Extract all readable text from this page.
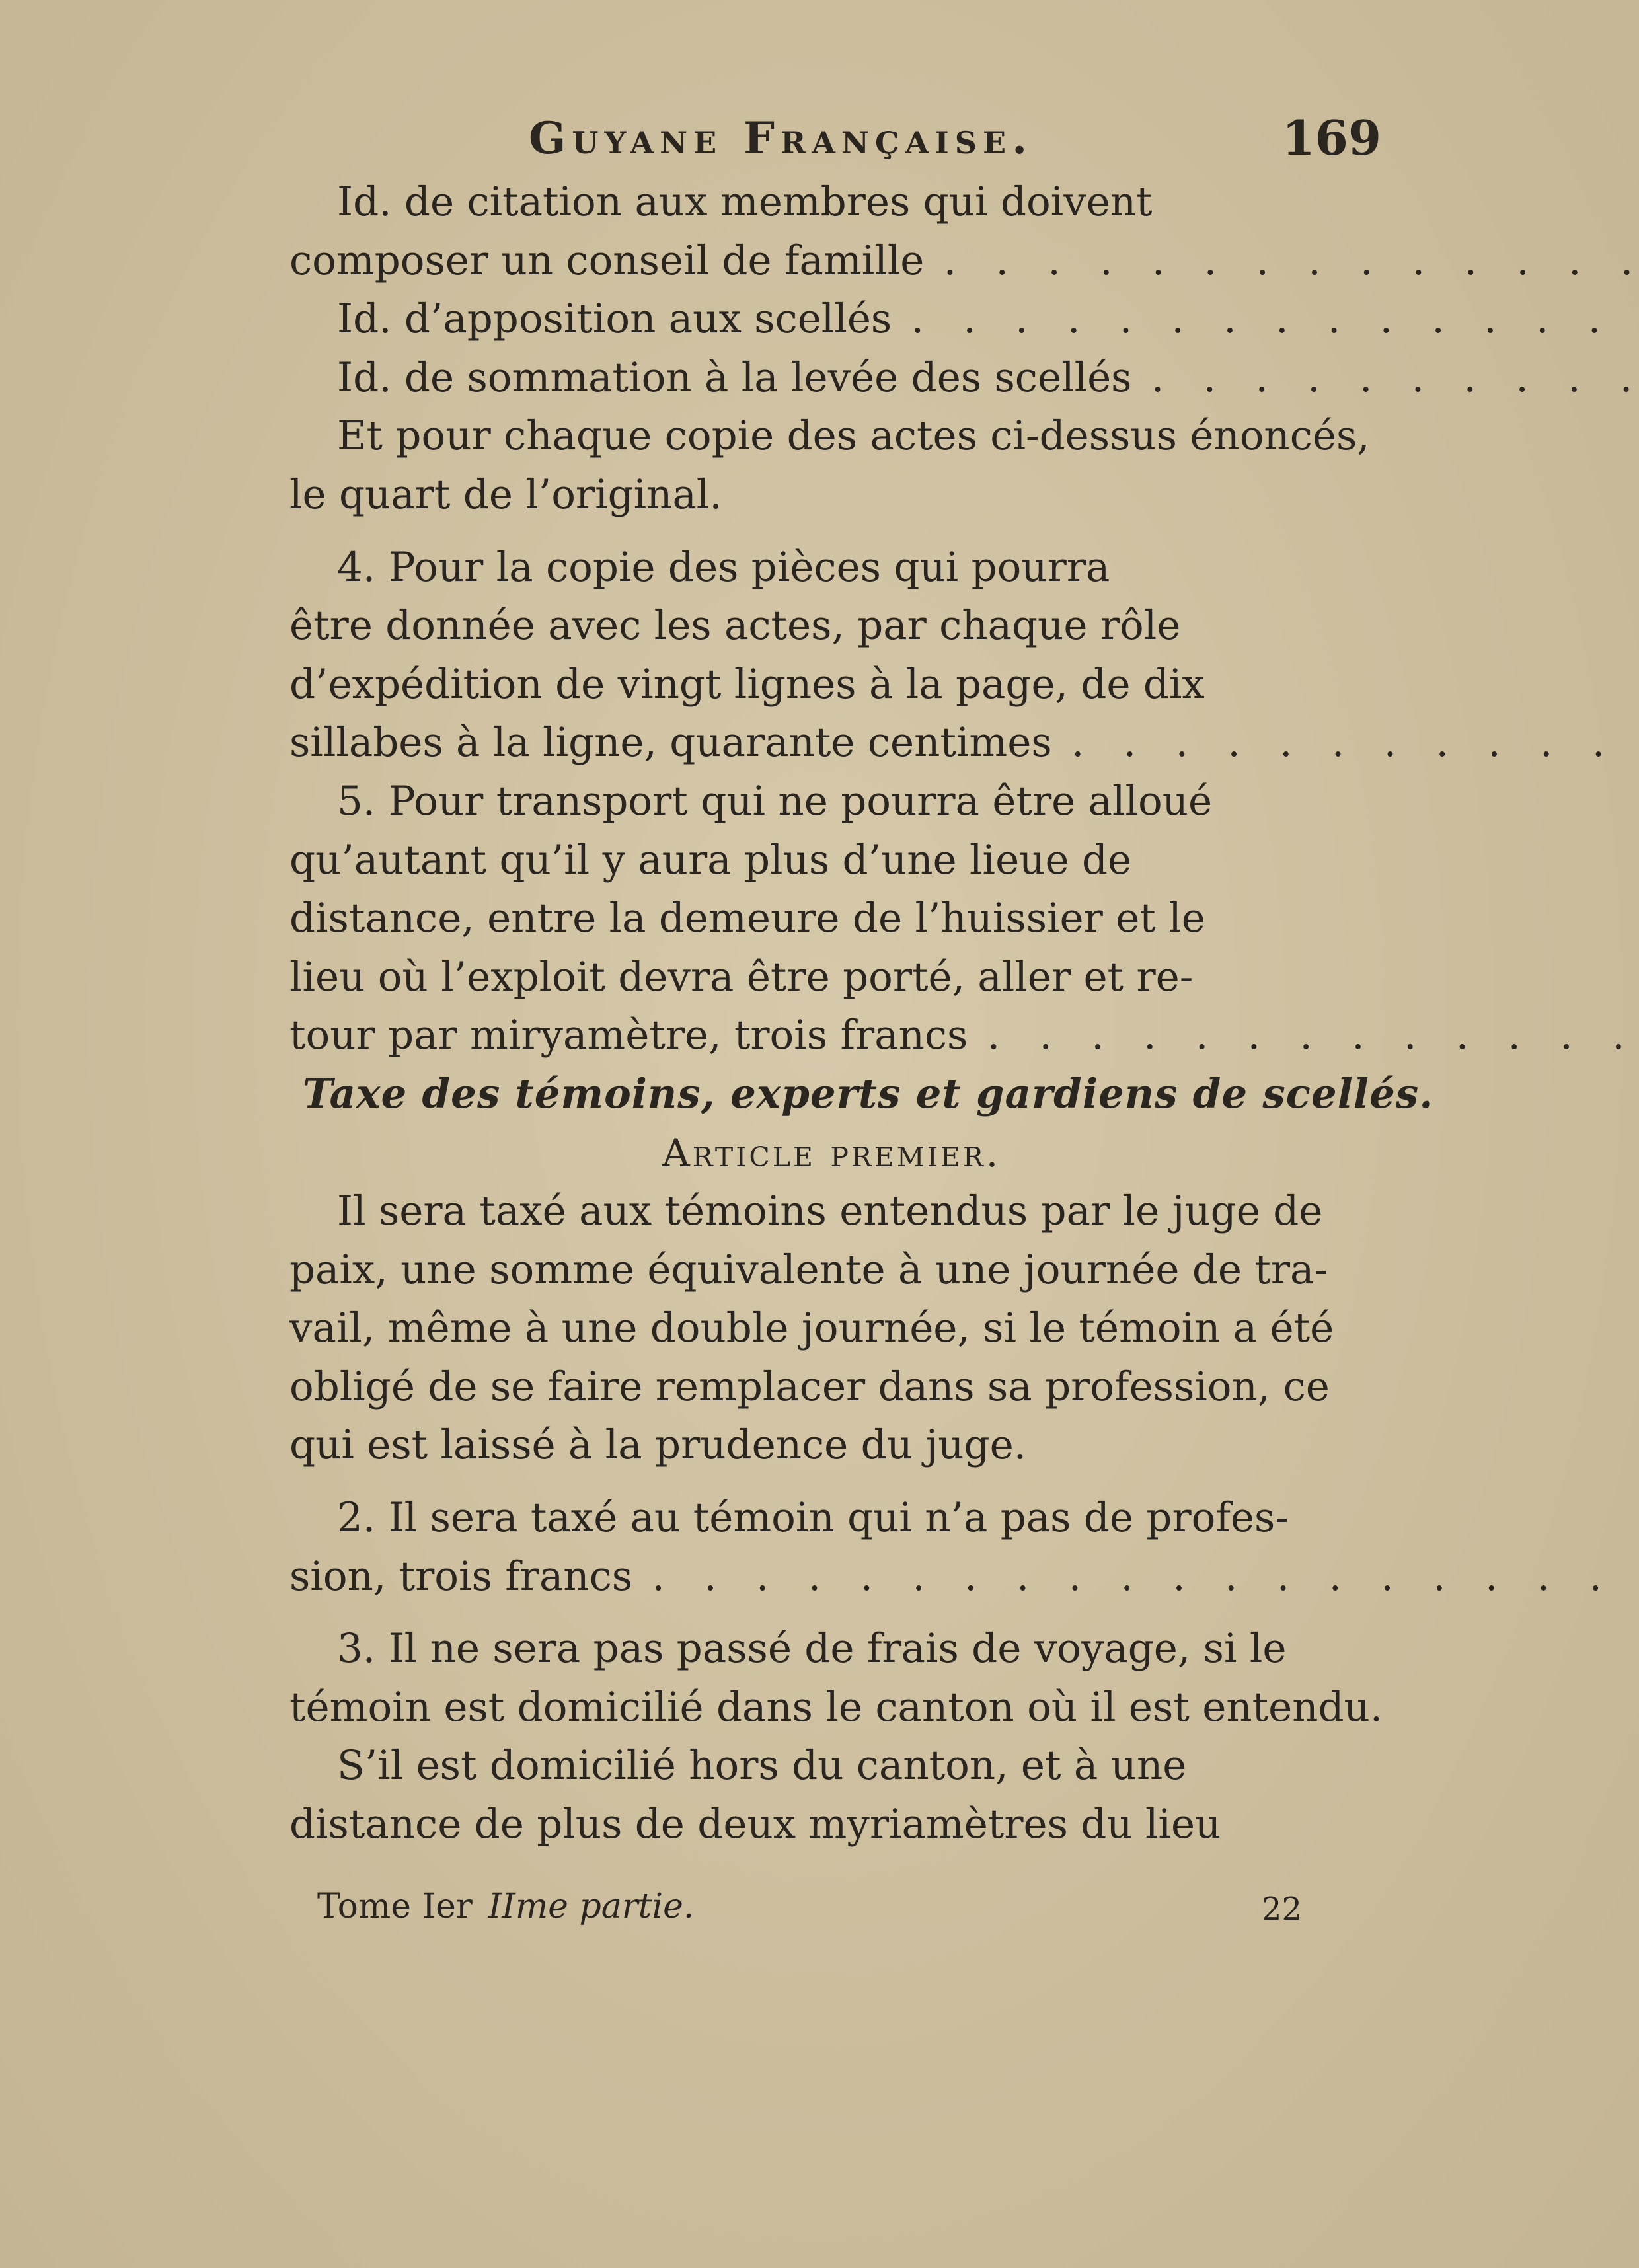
Guyane Française.	169
Id. de citation aux membres qui doivent
composer un conseil de famille . . .
Id. d’apposition aux scellés . . .
Id. de sommation à la levée des scellés . . .
Et pour chaque copie des actes ci-dessus énoncés,
le quart de l’original.
4. Pour la copie des pièces qui pourra
être donnée avec les actes, par chaque rôle
d’expédition de vingt lignes à la page, de dix
sillabes à la ligne, quarante centimes . . .
5. Pour transport qui ne pourra être alloué
qu’autant qu’il y aura plus d’une lieue de
distance, entre la demeure de l’huissier et le
lieu où l’exploit devra être porté, aller et re-
tour par miryamètre, trois francs . . .
Taxe des témoins, experts et gardiens de scellés.
Article premier.
Il sera taxé aux témoins entendus par le juge de
paix, une somme équivalente à une journée de tra-
vail, même à une double journée, si le témoin a été
obligé de se faire remplacer dans sa profession, ce
qui est laissé à la prudence du juge.
2. Il sera taxé au témoin qui n’a pas de profes-
sion, trois francs . . .
3. Il ne sera pas passé de frais de voyage, si le
témoin est domicilié dans le canton où il est entendu.
S’il est domicilié hors du canton, et à une
distance de plus de deux myriamètres du lieu
Tome Ier IIme partie.	22
